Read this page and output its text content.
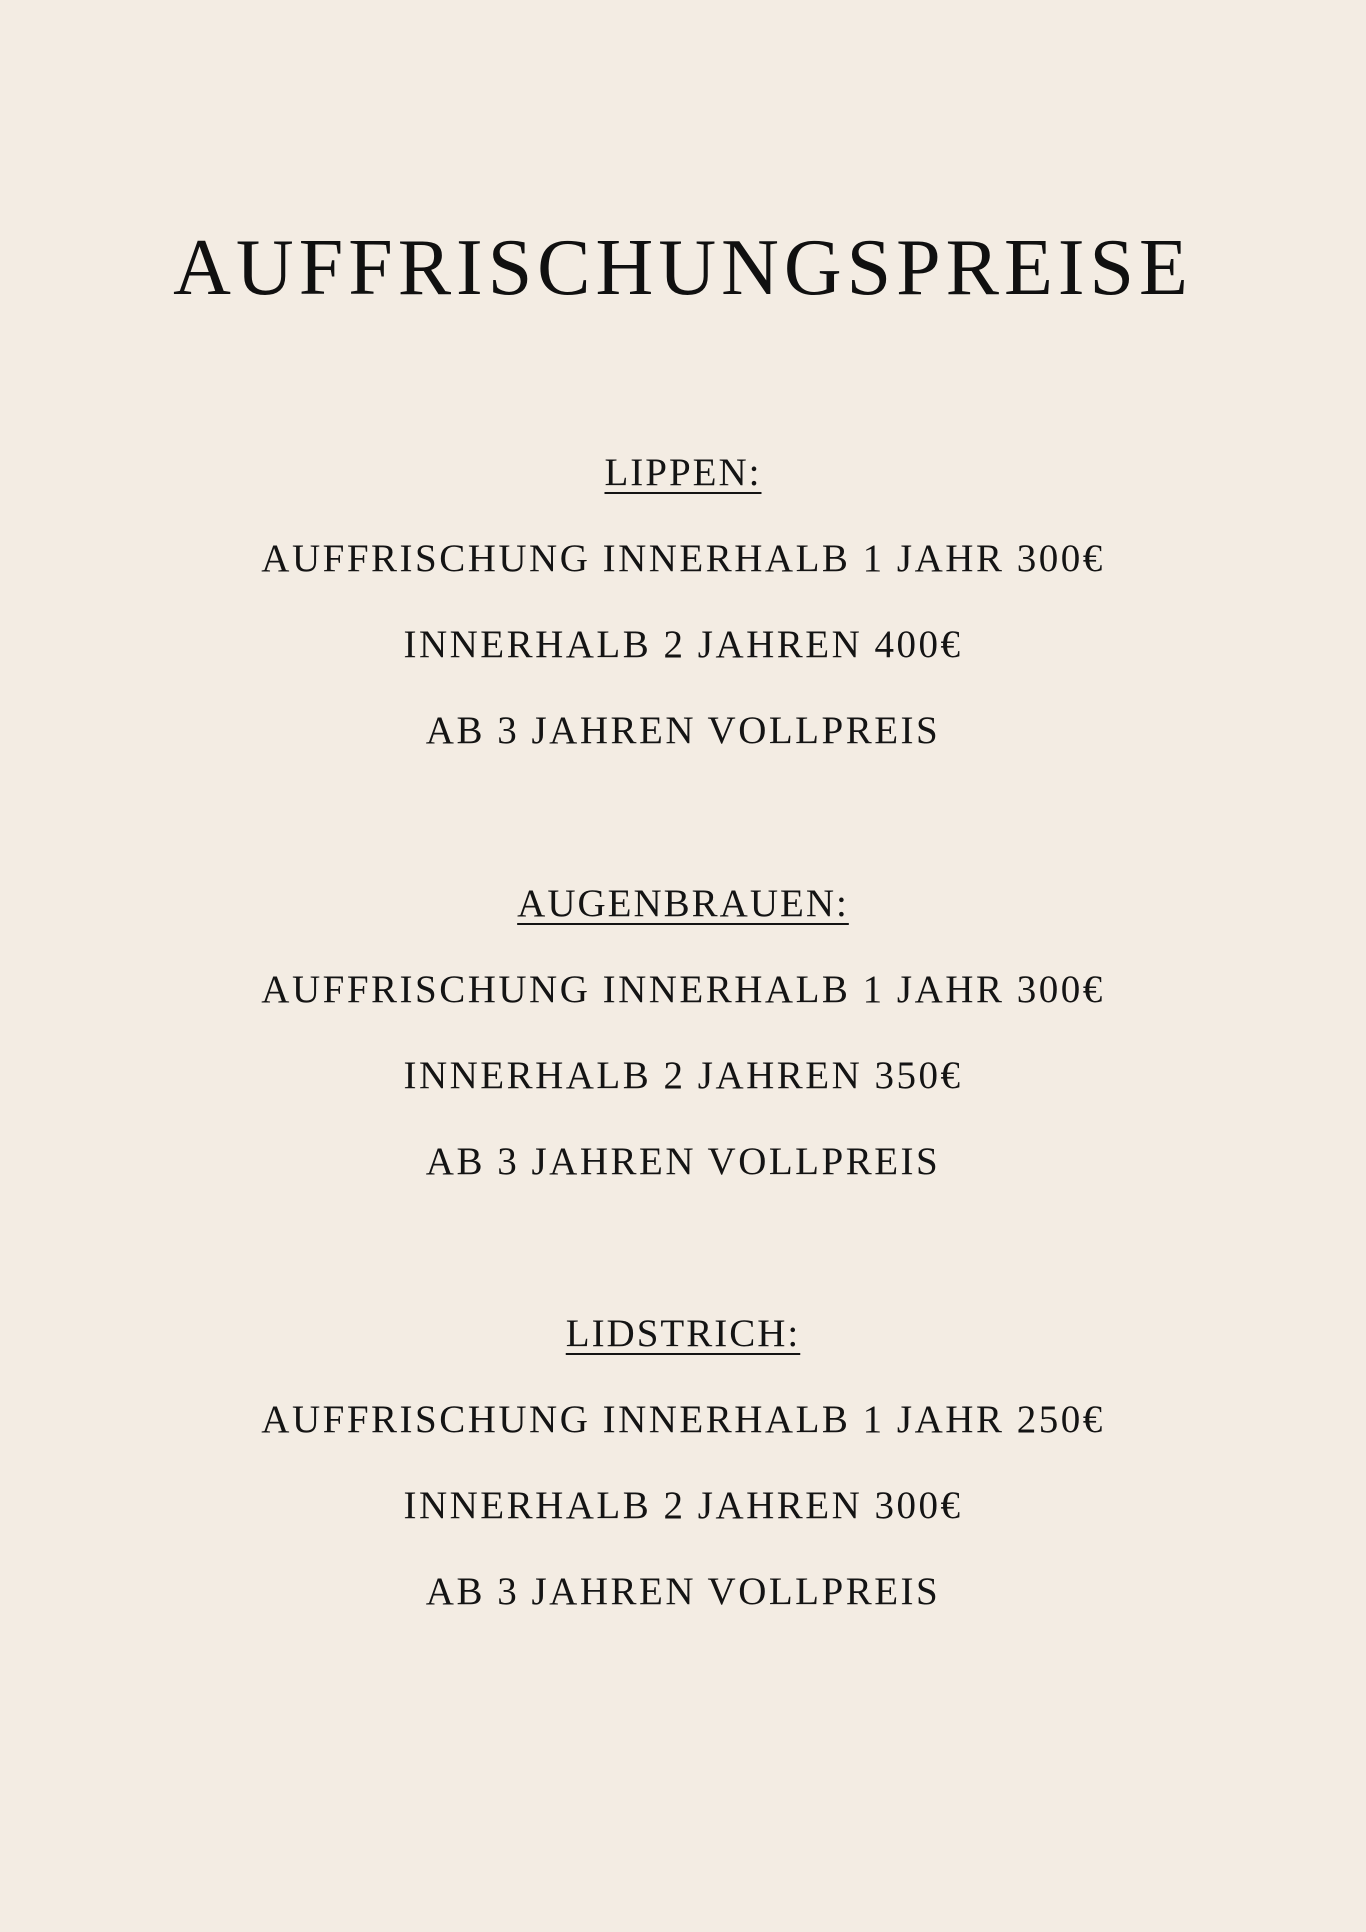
AUFFRISCHUNGSPREISE
LIPPEN:
AUFFRISCHUNG INNERHALB 1 JAHR 300€
INNERHALB 2 JAHREN 400€
AB 3 JAHREN VOLLPREIS
AUGENBRAUEN:
AUFFRISCHUNG INNERHALB 1 JAHR 300€
INNERHALB 2 JAHREN 350€
AB 3 JAHREN VOLLPREIS
LIDSTRICH:
AUFFRISCHUNG INNERHALB 1 JAHR 250€
INNERHALB 2 JAHREN 300€
AB 3 JAHREN VOLLPREIS
